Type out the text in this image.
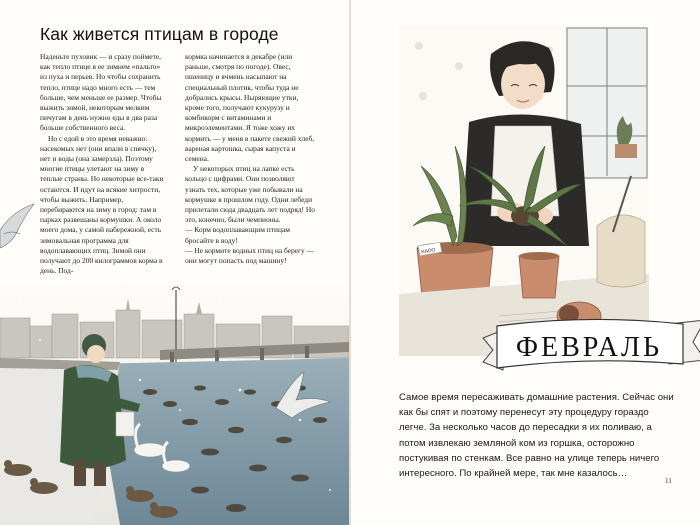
Как живется птицам в городе

Наденьте пуховик — и сразу поймете, как тепло птице в ее зимнем «пальто» из пуха и перьев. Но чтобы сохранить тепло, птице надо много есть — тем больше, чем меньше ее размер. Чтобы выжить зимой, некоторым мелким пичугам в день нужно еды в два раза больше собственного веса.

Но с едой в это время неважно: насекомых нет (они впали в спячку), нет и воды (она замерзла). Поэтому многие птицы улетают на зиму в теплые страны. Но некоторые все-таки остаются. И идут на всякие хитрости, чтобы выжить. Например, перебираются на зиму в город: там в парках развешаны кормушки. А около моего дома, у самой набережной, есть зимовальная программа для водоплавающих птиц. Зимой они получают до 200 килограммов корма в день. Под-

кормка начинается в декабре (или раньше, смотря по погоде). Овес, пшеницу и ячмень насыпают на специальный плотик, чтобы туда не добрались крысы. Ныряющие утки, кроме того, получают кукурузу и комбикорм с витаминами и микроэлементами. Я тоже хожу их кормить — у меня в пакете свежий хлеб, вареная картошка, сырая капуста и семена.

У некоторых птиц на лапке есть кольцо с цифрами. Они позволяют узнать тех, которые уже побывали на кормушке в прошлом году. Одни лебеди прилетали сюда двадцать лет подряд! Но это, конечно, были чемпионы.

— Корм водоплавающим птицам бросайте в воду!

— Не кормите водных птиц на берегу — они могут попасть под машину!

KADO
ФЕВРАЛЬ
Самое время пересаживать домашние растения. Сейчас они как бы спят и поэтому перенесут эту процедуру гораздо легче. За несколько часов до пересадки я их поливаю, а потом извлекаю земляной ком из горшка, осторожно постукивая по стенкам. Все равно на улице теперь ничего интересного. По крайней мере, так мне казалось…
11
